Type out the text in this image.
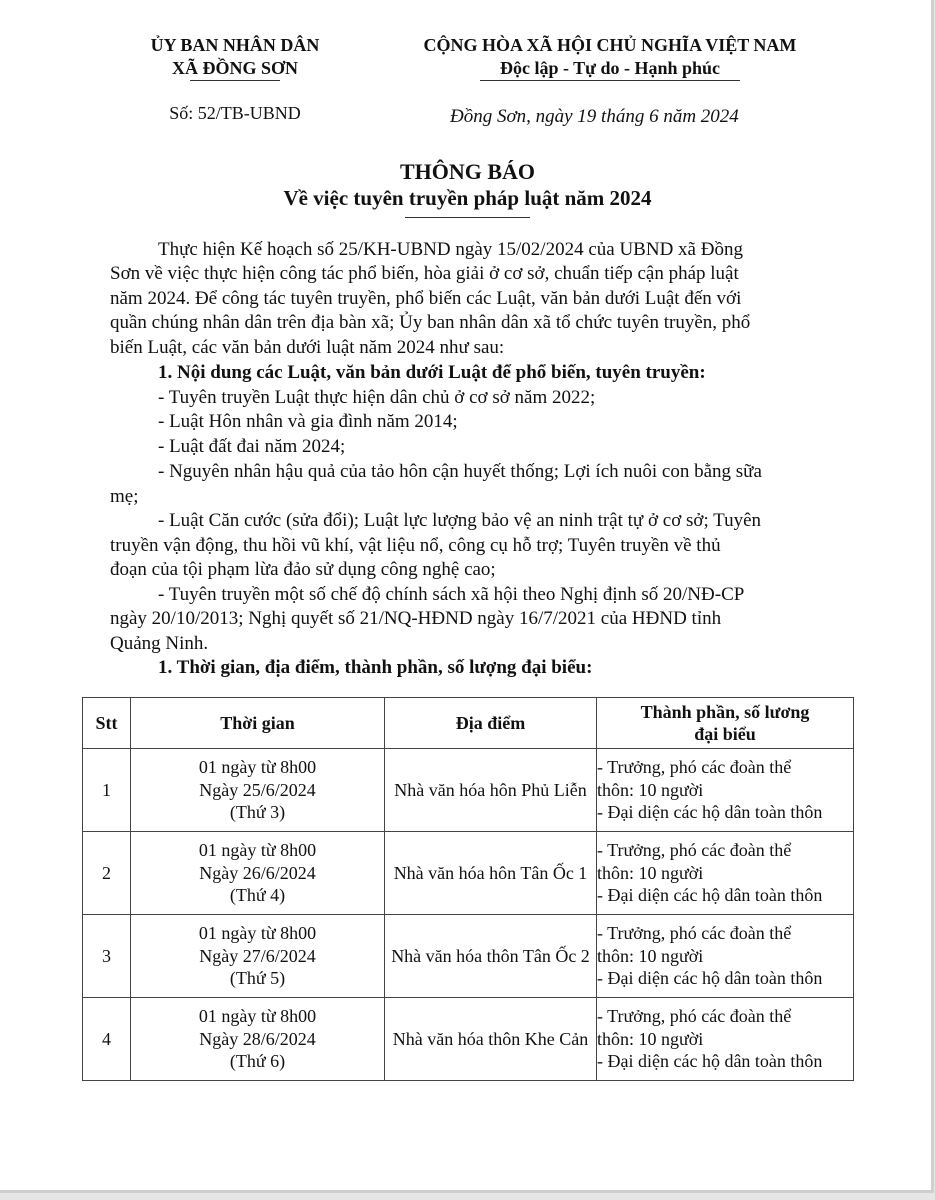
ỦY BAN NHÂN DÂN
XÃ ĐỒNG SƠN
CỘNG HÒA XÃ HỘI CHỦ NGHĨA VIỆT NAM
Độc lập - Tự do - Hạnh phúc
Số: 52/TB-UBND	Đồng Sơn, ngày 19 tháng 6 năm 2024
THÔNG BÁO
Về việc tuyên truyền pháp luật năm 2024
Thực hiện Kế hoạch số 25/KH-UBND ngày 15/02/2024 của UBND xã Đồng
Sơn về việc thực hiện công tác phổ biến, hòa giải ở cơ sở, chuẩn tiếp cận pháp luật
năm 2024. Để công tác tuyên truyền, phổ biến các Luật, văn bản dưới Luật đến với
quần chúng nhân dân trên địa bàn xã; Ủy ban nhân dân xã tổ chức tuyên truyền, phổ
biến Luật, các văn bản dưới luật năm 2024 như sau:
1. Nội dung các Luật, văn bản dưới Luật để phổ biến, tuyên truyền:
- Tuyên truyền Luật thực hiện dân chủ ở cơ sở năm 2022;
- Luật Hôn nhân và gia đình năm 2014;
- Luật đất đai năm 2024;
- Nguyên nhân hậu quả của tảo hôn cận huyết thống; Lợi ích nuôi con bằng sữa
mẹ;
- Luật Căn cước (sửa đổi); Luật lực lượng bảo vệ an ninh trật tự ở cơ sở; Tuyên
truyền vận động, thu hồi vũ khí, vật liệu nổ, công cụ hỗ trợ; Tuyên truyền về thủ
đoạn của tội phạm lừa đảo sử dụng công nghệ cao;
- Tuyên truyền một số chế độ chính sách xã hội theo Nghị định số 20/NĐ-CP
ngày 20/10/2013; Nghị quyết số 21/NQ-HĐND ngày 16/7/2021 của HĐND tỉnh
Quảng Ninh.
1. Thời gian, địa điểm, thành phần, số lượng đại biểu:
Stt	Thời gian	Địa điểm	Thành phần, số lương
đại biểu

1	01 ngày từ 8h00
Ngày 25/6/2024
(Thứ 3)	Nhà văn hóa hôn Phủ Liễn	- Trưởng, phó các đoàn thể
thôn: 10 người
- Đại diện các hộ dân toàn thôn

2	01 ngày từ 8h00
Ngày 26/6/2024
(Thứ 4)	Nhà văn hóa hôn Tân Ốc 1	- Trưởng, phó các đoàn thể
thôn: 10 người
- Đại diện các hộ dân toàn thôn

3	01 ngày từ 8h00
Ngày 27/6/2024
(Thứ 5)	Nhà văn hóa thôn Tân Ốc 2	- Trưởng, phó các đoàn thể
thôn: 10 người
- Đại diện các hộ dân toàn thôn

4	01 ngày từ 8h00
Ngày 28/6/2024
(Thứ 6)	Nhà văn hóa thôn Khe Cản	- Trưởng, phó các đoàn thể
thôn: 10 người
- Đại diện các hộ dân toàn thôn
